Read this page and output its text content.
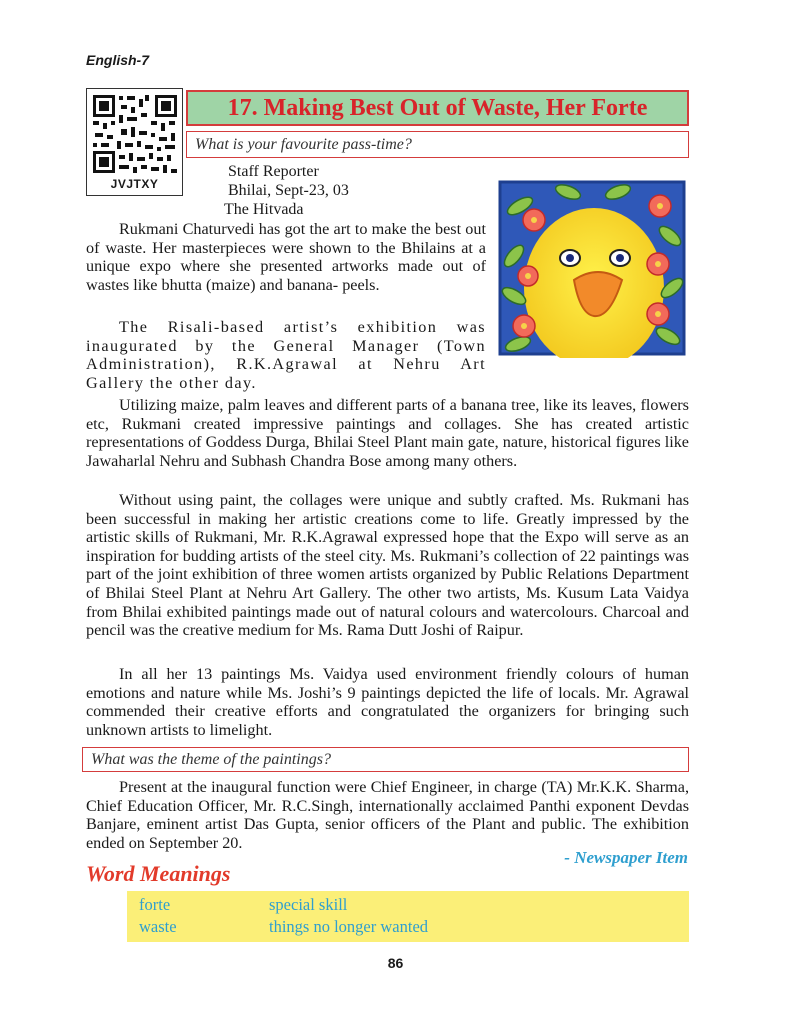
English-7
JVJTXY
17. Making Best Out of Waste, Her Forte
What is your favourite pass-time?
Staff Reporter
Bhilai, Sept-23, 03
The Hitvada

Rukmani Chaturvedi has got the art to make the best out of waste. Her masterpieces were shown to the Bhilains at a unique expo where she presented artworks made out of wastes like bhutta (maize) and banana- peels.

The Risali-based artist’s exhibition was inaugurated by the General Manager (Town Administration), R.K.Agrawal at Nehru Art Gallery the other day.

Utilizing maize, palm leaves and different parts of a banana tree, like its leaves, flowers etc, Rukmani created impressive paintings and collages. She has created artistic representations of Goddess Durga, Bhilai Steel Plant main gate, nature, historical figures like Jawaharlal Nehru and Subhash Chandra Bose among many others.

Without using paint, the collages were unique and subtly crafted. Ms. Rukmani has been successful in making her artistic creations come to life. Greatly impressed by the artistic skills of Rukmani, Mr. R.K.Agrawal expressed hope that the Expo will serve as an inspiration for budding artists of the steel city. Ms. Rukmani’s collection of 22 paintings was part of the joint exhibition of three women artists organized by Public Relations Department of Bhilai Steel Plant at Nehru Art Gallery. The other two artists, Ms. Kusum Lata Vaidya from Bhilai exhibited paintings made out of natural colours and watercolours. Charcoal and pencil was the creative medium for Ms. Rama Dutt Joshi of Raipur.

In all her 13 paintings Ms. Vaidya used environment friendly colours of human emotions and nature while Ms. Joshi’s 9 paintings depicted the life of locals. Mr. Agrawal commended their creative efforts and congratulated the organizers for bringing such unknown artists to limelight.

What was the theme of the paintings?

Present at the inaugural function were Chief Engineer, in charge (TA) Mr.K.K. Sharma, Chief Education Officer, Mr. R.C.Singh, internationally acclaimed Panthi exponent Devdas Banjare, eminent artist Das Gupta, senior officers of the Plant and public. The exhibition ended on September 20.

- Newspaper Item
Word Meanings
forte	special skill
waste	things no longer wanted
86
